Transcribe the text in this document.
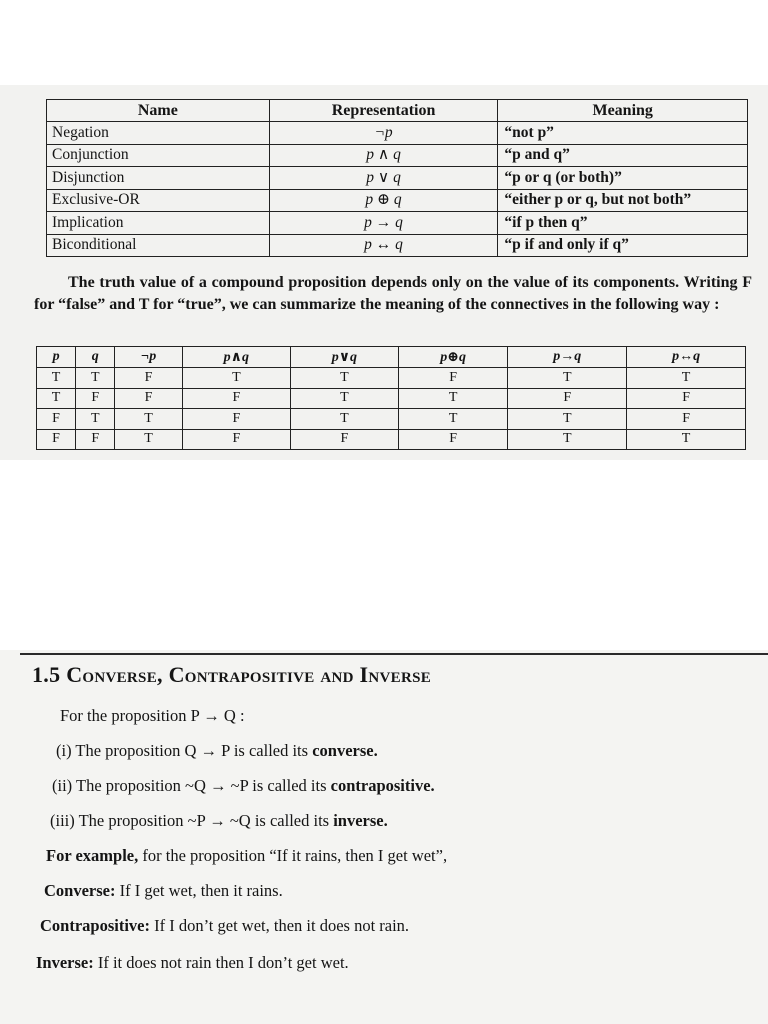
Name	Representation	Meaning
Negation	¬p	“not p”
Conjunction	p ∧ q	“p and q”
Disjunction	p ∨ q	“p or q (or both)”
Exclusive-OR	p ⊕ q	“either p or q, but not both”
Implication	p → q	“if p then q”
Biconditional	p ↔ q	“p if and only if q”
The truth value of a compound proposition depends only on the value of its components. Writing F for “false” and T for “true”, we can summarize the meaning of the connectives in the following way :
p	q	¬p	p∧q	p∨q	p⊕q	p→q	p↔q
T	T	F	T	T	F	T	T
T	F	F	F	T	T	F	F
F	T	T	F	T	T	T	F
F	F	T	F	F	F	T	T
1.5 Converse, Contrapositive and Inverse
For the proposition P → Q :
(i) The proposition Q → P is called its converse.
(ii) The proposition ~Q → ~P is called its contrapositive.
(iii) The proposition ~P → ~Q is called its inverse.
For example, for the proposition “If it rains, then I get wet”,
Converse: If I get wet, then it rains.
Contrapositive: If I don’t get wet, then it does not rain.
Inverse: If it does not rain then I don’t get wet.
